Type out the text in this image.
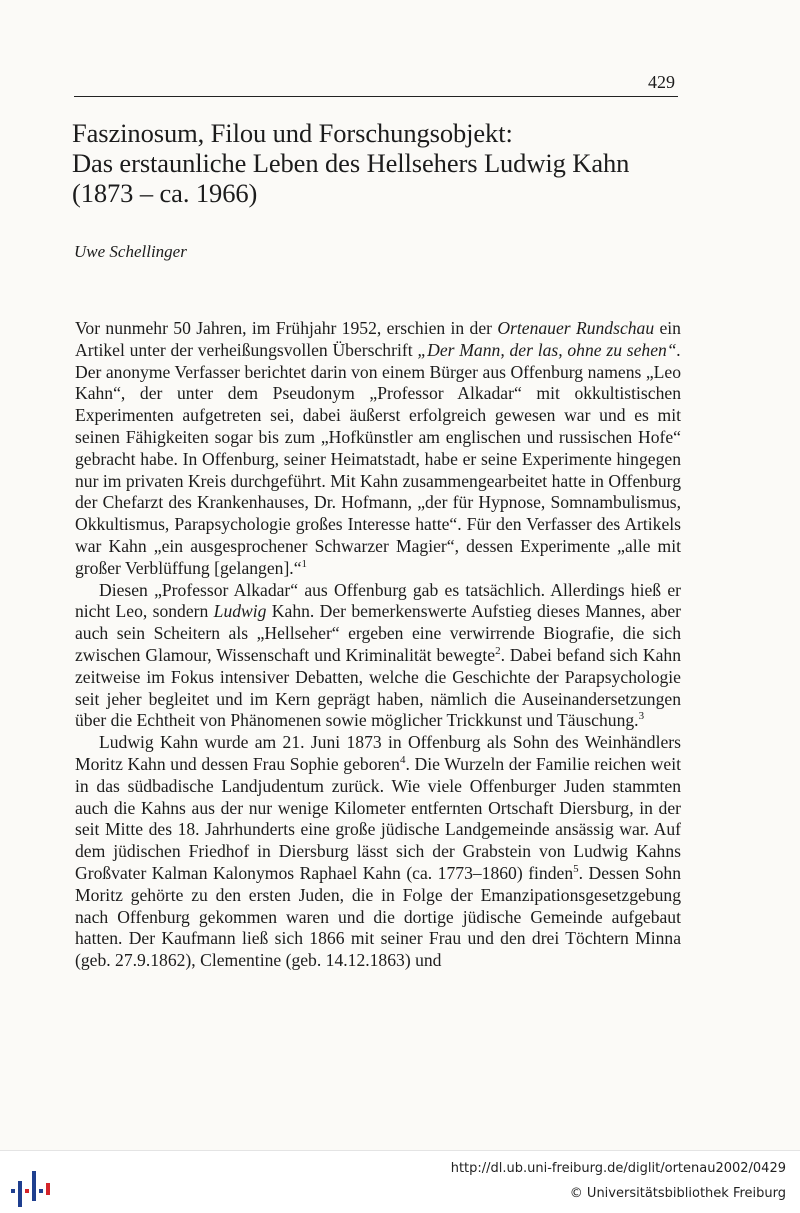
429
Faszinosum, Filou und Forschungsobjekt:
Das erstaunliche Leben des Hellsehers Ludwig Kahn
(1873 – ca. 1966)
Uwe Schellinger

Vor nunmehr 50 Jahren, im Frühjahr 1952, erschien in der Ortenauer Rundschau ein Artikel unter der verheißungsvollen Überschrift „Der Mann, der las, ohne zu sehen“. Der anonyme Verfasser berichtet darin von einem Bürger aus Offenburg namens „Leo Kahn“, der unter dem Pseudonym „Professor Alkadar“ mit okkultistischen Experimenten aufgetreten sei, dabei äußerst erfolgreich gewesen war und es mit seinen Fähigkeiten sogar bis zum „Hofkünstler am englischen und russischen Hofe“ gebracht habe. In Offenburg, seiner Heimatstadt, habe er seine Experimente hingegen nur im privaten Kreis durchgeführt. Mit Kahn zusammengearbeitet hatte in Offenburg der Chefarzt des Krankenhauses, Dr. Hofmann, „der für Hypnose, Somnambulismus, Okkultismus, Parapsychologie großes Interesse hatte“. Für den Verfasser des Artikels war Kahn „ein ausgesprochener Schwarzer Magier“, dessen Experimente „alle mit großer Verblüffung [gelangen].“$^1$

Diesen „Professor Alkadar“ aus Offenburg gab es tatsächlich. Allerdings hieß er nicht Leo, sondern Ludwig Kahn. Der bemerkenswerte Aufstieg dieses Mannes, aber auch sein Scheitern als „Hellseher“ ergeben eine verwirrende Biografie, die sich zwischen Glamour, Wissenschaft und Kriminalität bewegte$^2$. Dabei befand sich Kahn zeitweise im Fokus intensiver Debatten, welche die Geschichte der Parapsychologie seit jeher begleitet und im Kern geprägt haben, nämlich die Auseinandersetzungen über die Echtheit von Phänomenen sowie möglicher Trickkunst und Täuschung.$^3$

Ludwig Kahn wurde am 21. Juni 1873 in Offenburg als Sohn des Weinhändlers Moritz Kahn und dessen Frau Sophie geboren$^4$. Die Wurzeln der Familie reichen weit in das südbadische Landjudentum zurück. Wie viele Offenburger Juden stammten auch die Kahns aus der nur wenige Kilometer entfernten Ortschaft Diersburg, in der seit Mitte des 18. Jahrhunderts eine große jüdische Landgemeinde ansässig war. Auf dem jüdischen Friedhof in Diersburg lässt sich der Grabstein von Ludwig Kahns Großvater Kalman Kalonymos Raphael Kahn (ca. 1773–1860) finden$^5$. Dessen Sohn Moritz gehörte zu den ersten Juden, die in Folge der Emanzipationsgesetzgebung nach Offenburg gekommen waren und die dortige jüdische Gemeinde aufgebaut hatten. Der Kaufmann ließ sich 1866 mit seiner Frau und den drei Töchtern Minna (geb. 27.9.1862), Clementine (geb. 14.12.1863) und

http://dl.ub.uni-freiburg.de/diglit/ortenau2002/0429
© Universitätsbibliothek Freiburg
